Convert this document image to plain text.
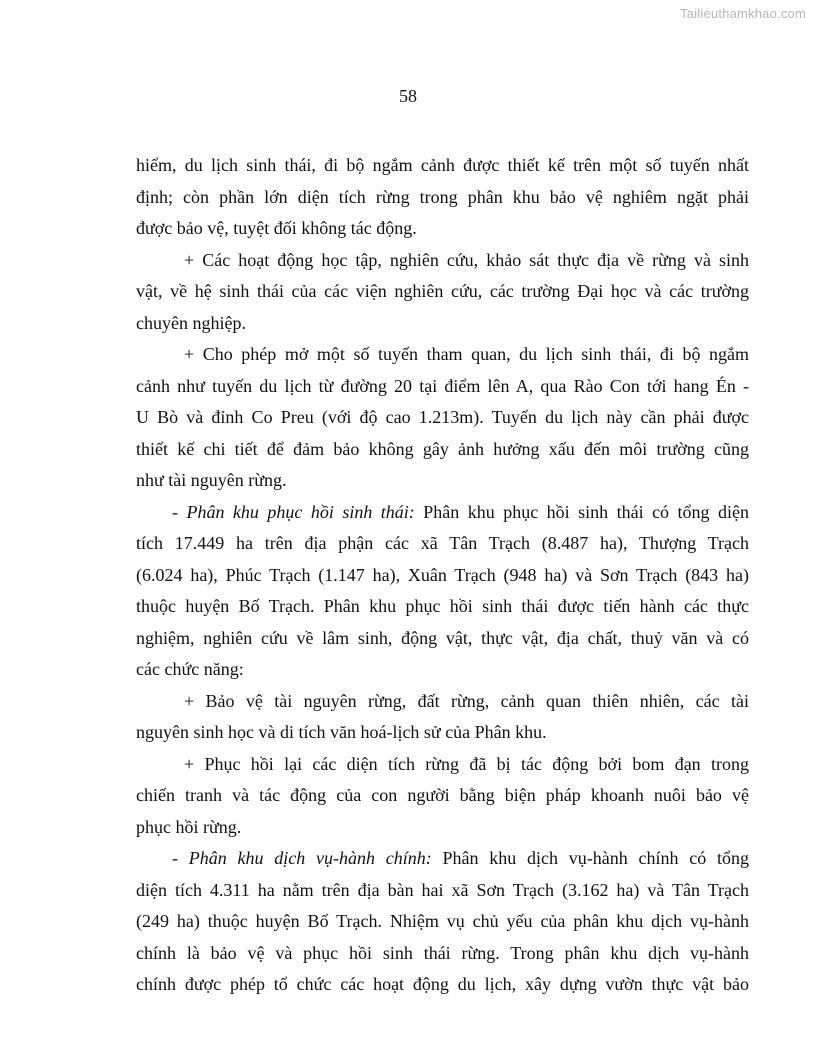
Tailieuthamkhao.com
58

hiểm, du lịch sinh thái, đi bộ ngắm cảnh được thiết kế trên một số tuyến nhất
định; còn phần lớn diện tích rừng trong phân khu bảo vệ nghiêm ngặt phải
được bảo vệ, tuyệt đối không tác động.

+ Các hoạt động học tập, nghiên cứu, khảo sát thực địa về rừng và sinh
vật, về hệ sinh thái của các viện nghiên cứu, các trường Đại học và các trường
chuyên nghiệp.

+ Cho phép mở một số tuyến tham quan, du lịch sinh thái, đi bộ ngắm
cảnh như tuyến du lịch từ đường 20 tại điểm lên A, qua Rào Con tới hang Én -
U Bò và đỉnh Co Preu (với độ cao 1.213m). Tuyến du lịch này cần phải được
thiết kế chi tiết để đảm bảo không gây ảnh hưởng xấu đến môi trường cũng
như tài nguyên rừng.

- Phân khu phục hồi sinh thái: Phân khu phục hồi sinh thái có tổng diện
tích 17.449 ha trên địa phận các xã Tân Trạch (8.487 ha), Thượng Trạch
(6.024 ha), Phúc Trạch (1.147 ha), Xuân Trạch (948 ha) và Sơn Trạch (843 ha)
thuộc huyện Bố Trạch. Phân khu phục hồi sinh thái được tiến hành các thực
nghiệm, nghiên cứu về lâm sinh, động vật, thực vật, địa chất, thuỷ văn và có
các chức năng:

+ Bảo vệ tài nguyên rừng, đất rừng, cảnh quan thiên nhiên, các tài
nguyên sinh học và di tích văn hoá-lịch sử của Phân khu.

+ Phục hồi lại các diện tích rừng đã bị tác động bởi bom đạn trong
chiến tranh và tác động của con người bằng biện pháp khoanh nuôi bảo vệ
phục hồi rừng.

- Phân khu dịch vụ-hành chính: Phân khu dịch vụ-hành chính có tổng
diện tích 4.311 ha nằm trên địa bàn hai xã Sơn Trạch (3.162 ha) và Tân Trạch
(249 ha) thuộc huyện Bố Trạch. Nhiệm vụ chủ yếu của phân khu dịch vụ-hành
chính là bảo vệ và phục hồi sinh thái rừng. Trong phân khu dịch vụ-hành
chính được phép tổ chức các hoạt động du lịch, xây dựng vườn thực vật bảo
